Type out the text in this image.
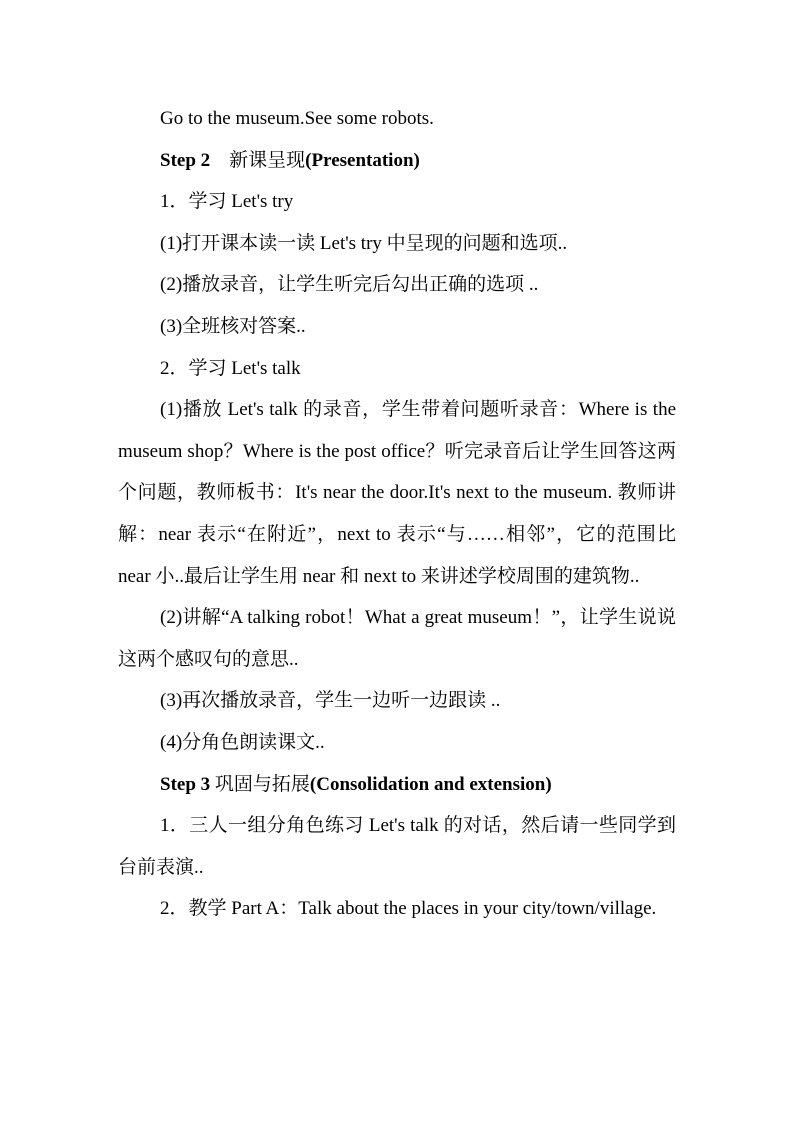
Go to the museum.See some robots.

Step 2 新课呈现(Presentation)

1．学习 Let's try

(1)打开课本读一读 Let's try 中呈现的问题和选项..

(2)播放录音，让学生听完后勾出正确的选项 ..

(3)全班核对答案..

2．学习 Let's talk

(1)播放 Let's talk 的录音，学生带着问题听录音：Where is the museum shop？Where is the post office？听完录音后让学生回答这两个问题，教师板书：It's near the door.It's next to the museum. 教师讲解：near 表示“在附近”，next to 表示“与……相邻”，它的范围比 near 小..最后让学生用 near 和 next to 来讲述学校周围的建筑物..

(2)讲解“A talking robot！What a great museum！”，让学生说说这两个感叹句的意思..

(3)再次播放录音，学生一边听一边跟读 ..

(4)分角色朗读课文..

Step 3 巩固与拓展(Consolidation and extension)

1．三人一组分角色练习 Let's talk 的对话，然后请一些同学到台前表演..

2．教学 Part A：Talk about the places in your city/town/village.
